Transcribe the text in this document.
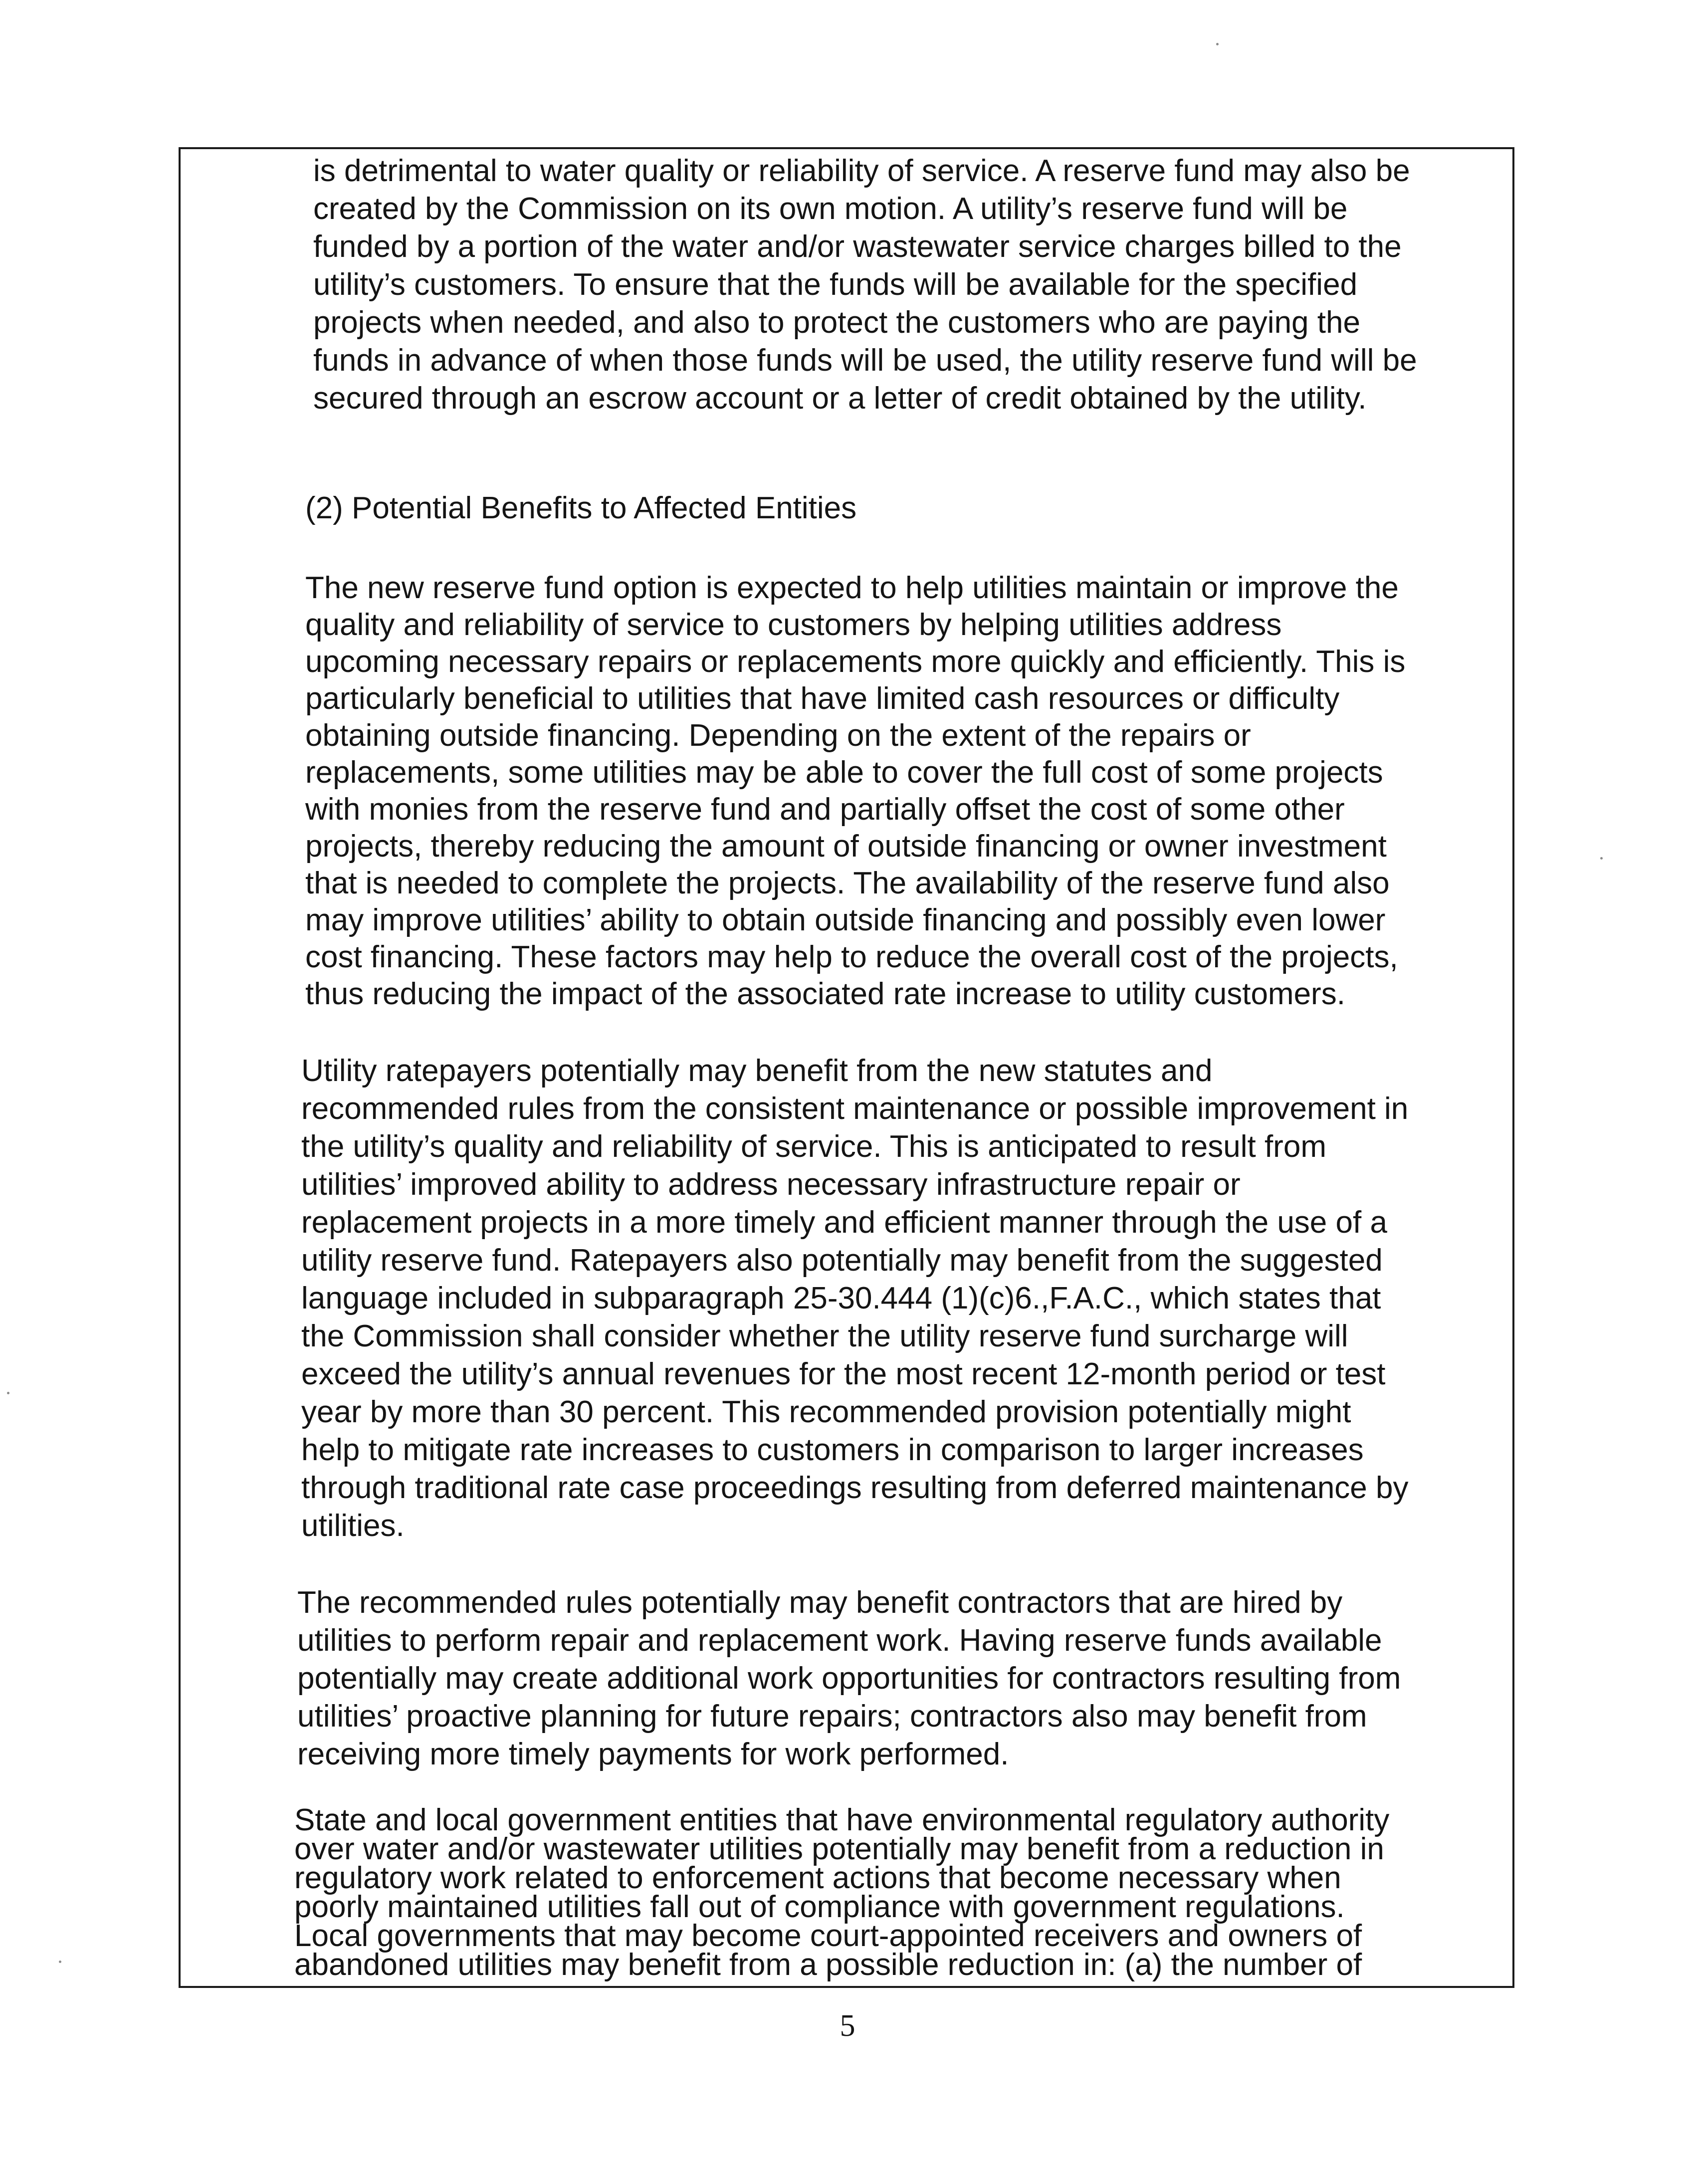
is detrimental to water quality or reliability of service. A reserve fund may also be
created by the Commission on its own motion. A utility’s reserve fund will be
funded by a portion of the water and/or wastewater service charges billed to the
utility’s customers. To ensure that the funds will be available for the specified
projects when needed, and also to protect the customers who are paying the
funds in advance of when those funds will be used, the utility reserve fund will be
secured through an escrow account or a letter of credit obtained by the utility.
(2) Potential Benefits to Affected Entities
The new reserve fund option is expected to help utilities maintain or improve the
quality and reliability of service to customers by helping utilities address
upcoming necessary repairs or replacements more quickly and efficiently. This is
particularly beneficial to utilities that have limited cash resources or difficulty
obtaining outside financing. Depending on the extent of the repairs or
replacements, some utilities may be able to cover the full cost of some projects
with monies from the reserve fund and partially offset the cost of some other
projects, thereby reducing the amount of outside financing or owner investment
that is needed to complete the projects. The availability of the reserve fund also
may improve utilities’ ability to obtain outside financing and possibly even lower
cost financing. These factors may help to reduce the overall cost of the projects,
thus reducing the impact of the associated rate increase to utility customers.
Utility ratepayers potentially may benefit from the new statutes and
recommended rules from the consistent maintenance or possible improvement in
the utility’s quality and reliability of service. This is anticipated to result from
utilities’ improved ability to address necessary infrastructure repair or
replacement projects in a more timely and efficient manner through the use of a
utility reserve fund. Ratepayers also potentially may benefit from the suggested
language included in subparagraph 25-30.444 (1)(c)6.,F.A.C., which states that
the Commission shall consider whether the utility reserve fund surcharge will
exceed the utility’s annual revenues for the most recent 12-month period or test
year by more than 30 percent. This recommended provision potentially might
help to mitigate rate increases to customers in comparison to larger increases
through traditional rate case proceedings resulting from deferred maintenance by
utilities.
The recommended rules potentially may benefit contractors that are hired by
utilities to perform repair and replacement work. Having reserve funds available
potentially may create additional work opportunities for contractors resulting from
utilities’ proactive planning for future repairs; contractors also may benefit from
receiving more timely payments for work performed.
State and local government entities that have environmental regulatory authority
over water and/or wastewater utilities potentially may benefit from a reduction in
regulatory work related to enforcement actions that become necessary when
poorly maintained utilities fall out of compliance with government regulations.
Local governments that may become court-appointed receivers and owners of
abandoned utilities may benefit from a possible reduction in: (a) the number of
5
